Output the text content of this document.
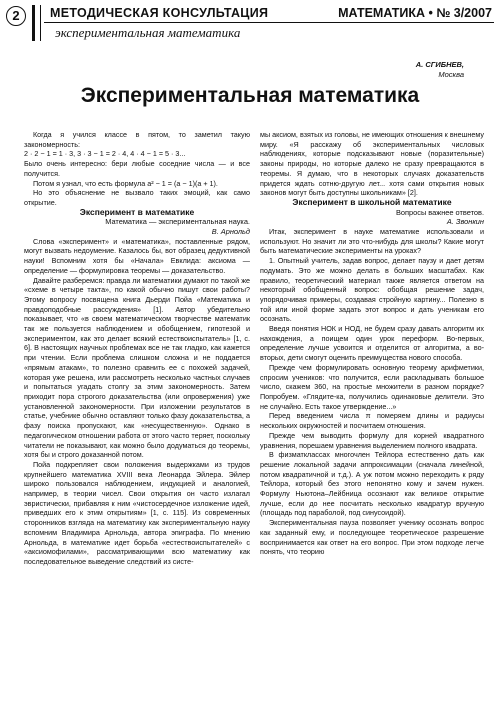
2	МЕТОДИЧЕСКАЯ КОНСУЛЬТАЦИЯ	МАТЕМАТИКА • № 3/2007
экспериментальная математика
А. СГИБНЕВ,
Москва
Экспериментальная математика

Когда я учился классе в пятом, то заметил такую закономерность:

2 · 2 − 1 = 1 · 3, 3 · 3 − 1 = 2 · 4, 4 · 4 − 1 = 5 · 3...

Было очень интересно: бери любые соседние числа — и все получится.

Потом я узнал, что есть формула a² − 1 = (a − 1)(a + 1).

Но это объяснение не вызвало таких эмоций, как само открытие.

Эксперимент в математике

Математика — экспериментальная наука.

В. Арнольд

Слова «эксперимент» и «математика», поставленные рядом, могут вызвать недоумение. Казалось бы, вот образец дедуктивной науки! Вспомним хотя бы «Начала» Евклида: аксиома — определение — формулировка теоремы — доказательство.

Давайте разберемся: правда ли математики думают по такой же «схеме в четыре такта», по какой обычно пишут свои работы? Этому вопросу посвящена книга Дьерди Пойа «Математика и правдоподобные рассуждения» [1]. Автор убедительно показывает, что «в своем математическом творчестве математик так же пользуется наблюдением и обобщением, гипотезой и экспериментом, как это делает всякий естествоиспытатель» [1, с. 6]. В настоящих научных проблемах все не так гладко, как кажется при чтении. Если проблема слишком сложна и не поддается «прямым атакам», то полезно сравнить ее с похожей задачей, которая уже решена, или рассмотреть несколько частных случаев и попытаться угадать столгу за этим закономерность. Затем приходит пора строгого доказательства (или опровержения) уже установленной закономерности. При изложении результатов в статье, учебнике обычно оставляют только фазу доказательства, а фазу поиска пропускают, как «несущественную». Однако в педагогическом отношении работа от этого часто теряет, поскольку читатели не показывают, как можно было додуматься до теоремы, хотя бы и строго доказанной потом.

Пойа подкрепляет свои положения выдержками из трудов крупнейшего математика XVIII века Леонарда Эйлера. Эйлер широко пользовался наблюдением, индукцией и аналогией, например, в теории чисел. Свои открытия он часто излагал эвристически, прибавляя к ним «чистосердечное изложение идей, приведших его к этим открытиям» [1, с. 115]. Из современных сторонников взгляда на математику как экспериментальную науку вспомним Владимира Арнольда, автора эпиграфа. По мнению Арнольда, в математике идет борьба «естествоиспытателей» с «аксиомофилами», рассматривающими всю математику как последовательное выведение следствий из систе-

мы аксиом, взятых из головы, не имеющих отношения к внешнему миру. «Я расскажу об экспериментальных числовых наблюдениях, которые подсказывают новые (поразительные) законы природы, но которые далеко не сразу превращаются в теоремы. Я думаю, что в некоторых случаях доказательств придется ждать сотню-другую лет... хотя сами открытия новых законов могут быть доступны школьникам» [2].

Эксперимент в школьной математике

Вопросы важнее ответов.

А. Звонкин

Итак, эксперимент в науке математике использовали и используют. Но значит ли это что-нибудь для школы? Какие могут быть математические эксперименты на уроках?

1. Опытный учитель, задав вопрос, делает паузу и дает детям подумать. Это же можно делать в больших масштабах. Как правило, теоретический материал также является ответом на некоторый обобщенный вопрос: обобщая решение задач, упорядочивая примеры, создавая стройную картину... Полезно в той или иной форме задать этот вопрос и дать ученикам его осознать.

Введя понятия НОК и НОД, не будем сразу давать алгоритм их нахождения, а поищем один урок переформ. Во-первых, определение лучше усвоится и отделится от алгоритма, а во-вторых, дети смогут оценить преимущества нового способа.

Прежде чем формулировать основную теорему арифметики, спросим учеников: что получится, если раскладывать большое число, скажем 360, на простые множители в разном порядке? Попробуем. «Глядите-ка, получились одинаковые делители. Это не случайно. Есть такое утверждение...»

Перед введением числа π померяем длины и радиусы нескольких окружностей и посчитаем отношения.

Прежде чем выводить формулу для корней квадратного уравнения, порешаем уравнения выделением полного квадрата.

В физматклассах многочлен Тейлора естественно дать как решение локальной задачи аппроксимации (сначала линейной, потом квадратичной и т.д.). А уж потом можно переходить к ряду Тейлора, который без этого непонятно кому и зачем нужен. Формулу Ньютона–Лейбница осознают как великое открытие лучше, если до нее посчитать несколько квадратур вручную (площадь под параболой, под синусоидой).

Экспериментальная пауза позволяет ученику осознать вопрос как заданный ему, и последующее теоретическое разрешение воспринимается как ответ на его вопрос. При этом подходе легче понять, что теорию
